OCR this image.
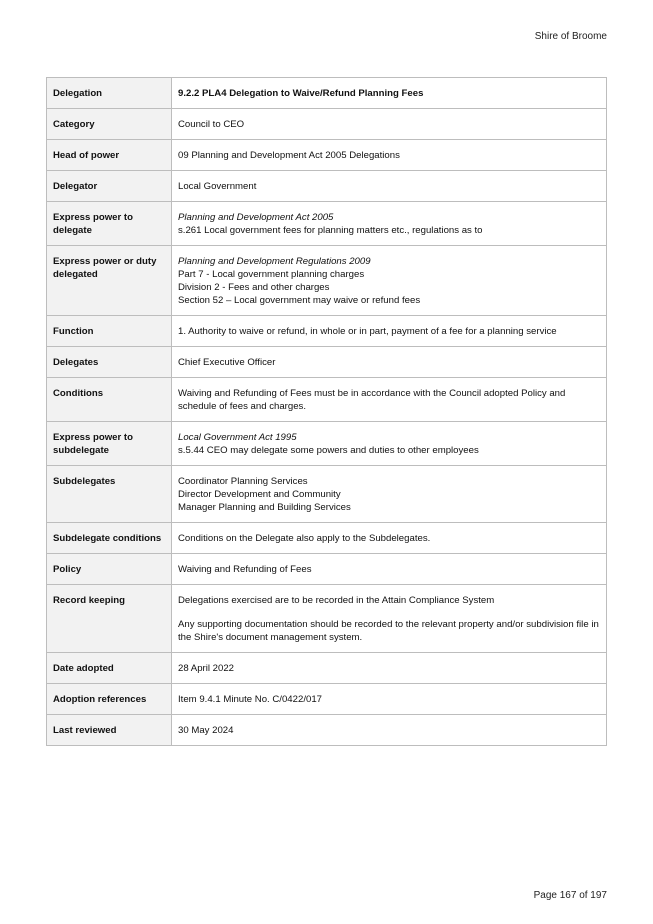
Shire of Broome
Delegation	9.2.2 PLA4 Delegation to Waive/Refund Planning Fees

Category	Council to CEO

Head of power	09 Planning and Development Act 2005 Delegations

Delegator	Local Government

Express power to delegate	Planning and Development Act 2005
s.261 Local government fees for planning matters etc., regulations as to

Express power or duty delegated	Planning and Development Regulations 2009
Part 7 - Local government planning charges
Division 2 - Fees and other charges
Section 52 – Local government may waive or refund fees

Function	1. Authority to waive or refund, in whole or in part, payment of a fee for a planning service

Delegates	Chief Executive Officer

Conditions	Waiving and Refunding of Fees must be in accordance with the Council adopted Policy and schedule of fees and charges.

Express power to subdelegate	Local Government Act 1995
s.5.44 CEO may delegate some powers and duties to other employees

Subdelegates	Coordinator Planning Services
Director Development and Community
Manager Planning and Building Services

Subdelegate conditions	Conditions on the Delegate also apply to the Subdelegates.

Policy	Waiving and Refunding of Fees

Record keeping	Delegations exercised are to be recorded in the Attain Compliance System
Any supporting documentation should be recorded to the relevant property and/or subdivision file in the Shire's document management system.

Date adopted	28 April 2022

Adoption references	Item 9.4.1 Minute No. C/0422/017

Last reviewed	30 May 2024
Page 167 of 197
